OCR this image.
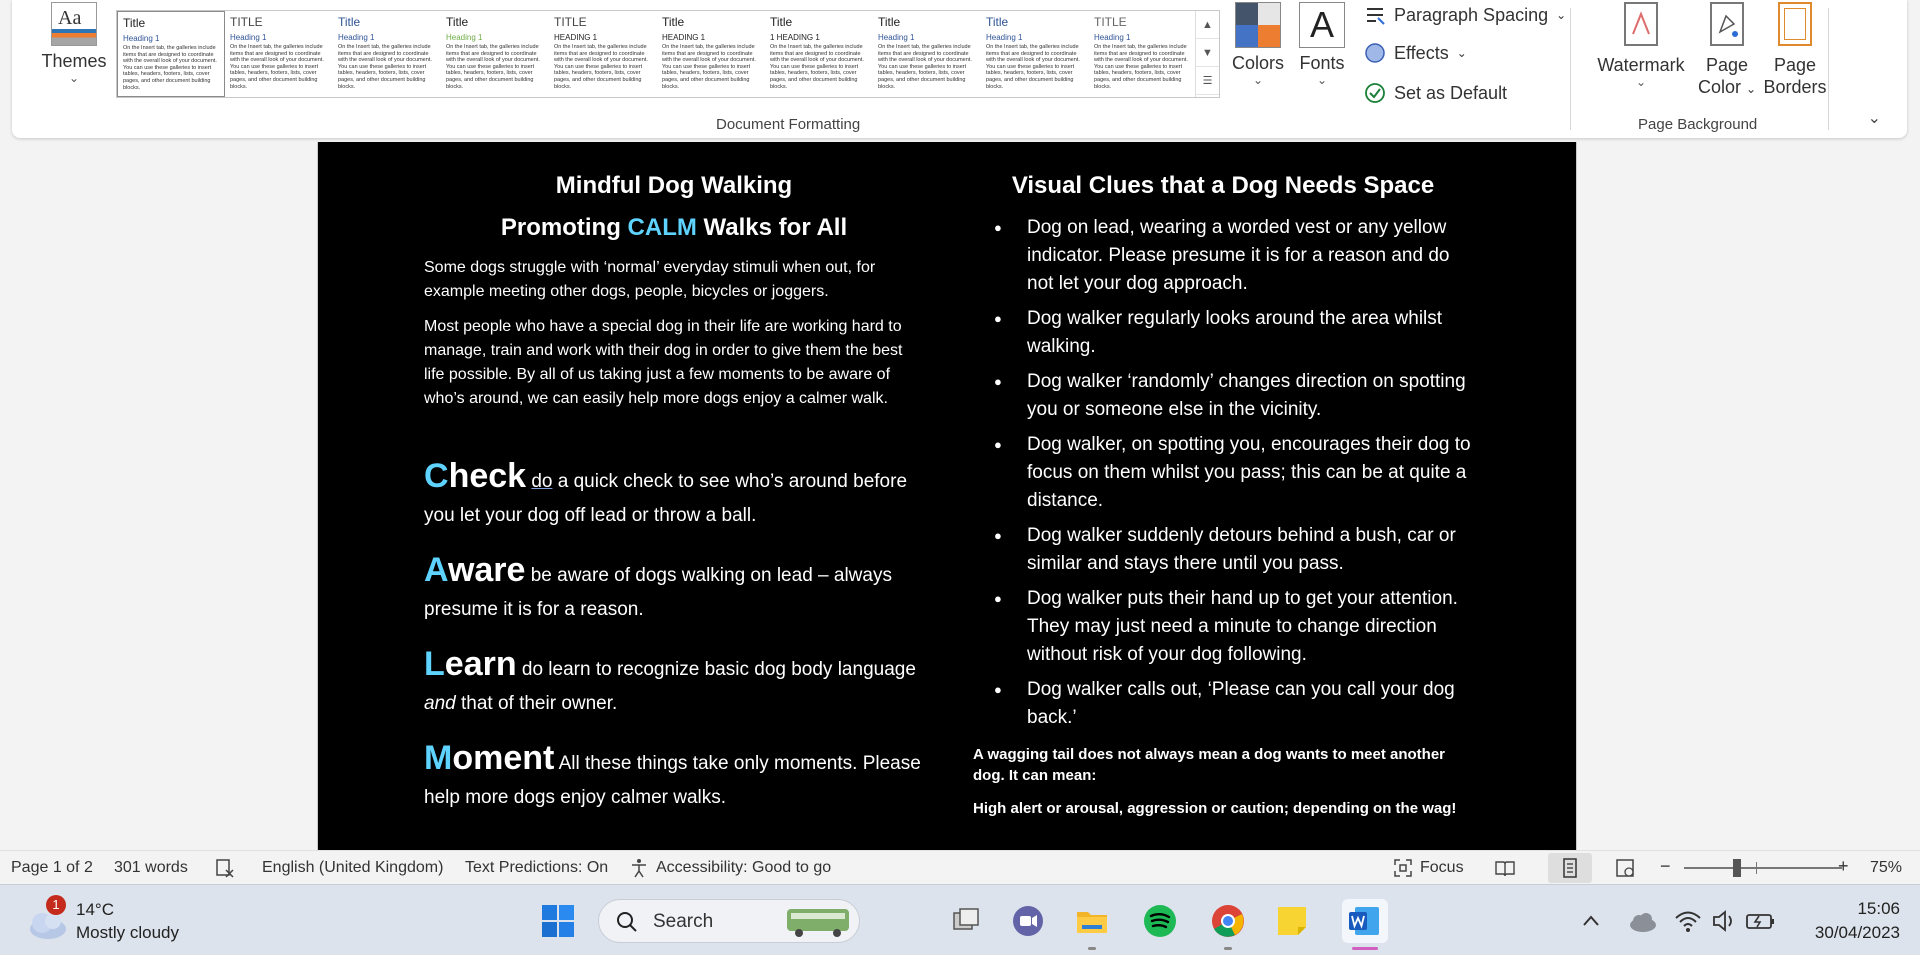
Aa
Themes
⌄
Title
Heading 1
On the Insert tab, the galleries include items that are designed to coordinate with the overall look of your document. You can use these galleries to insert tables, headers, footers, lists, cover pages, and other document building blocks.
TITLE
Heading 1
On the Insert tab, the galleries include items that are designed to coordinate with the overall look of your document. You can use these galleries to insert tables, headers, footers, lists, cover pages, and other document building blocks.
Title
Heading 1
On the Insert tab, the galleries include items that are designed to coordinate with the overall look of your document. You can use these galleries to insert tables, headers, footers, lists, cover pages, and other document building blocks.
Title
Heading 1
On the Insert tab, the galleries include items that are designed to coordinate with the overall look of your document. You can use these galleries to insert tables, headers, footers, lists, cover pages, and other document building blocks.
TITLE
HEADING 1
On the Insert tab, the galleries include items that are designed to coordinate with the overall look of your document. You can use these galleries to insert tables, headers, footers, lists, cover pages, and other document building blocks.
Title
HEADING 1
On the Insert tab, the galleries include items that are designed to coordinate with the overall look of your document. You can use these galleries to insert tables, headers, footers, lists, cover pages, and other document building blocks.
Title
1 HEADING 1
On the Insert tab, the galleries include items that are designed to coordinate with the overall look of your document. You can use these galleries to insert tables, headers, footers, lists, cover pages, and other document building blocks.
Title
Heading 1
On the Insert tab, the galleries include items that are designed to coordinate with the overall look of your document. You can use these galleries to insert tables, headers, footers, lists, cover pages, and other document building blocks.
Title
Heading 1
On the Insert tab, the galleries include items that are designed to coordinate with the overall look of your document. You can use these galleries to insert tables, headers, footers, lists, cover pages, and other document building blocks.
TITLE
Heading 1
On the Insert tab, the galleries include items that are designed to coordinate with the overall look of your document. You can use these galleries to insert tables, headers, footers, lists, cover pages, and other document building blocks.
▲
▼
☰
Colors
⌄
A
Fonts
⌄
Paragraph Spacing ⌄
Effects ⌄
Set as Default
Document Formatting
Watermark
⌄
Page
Color ⌄
Page
Borders
Page Background	⌄
Mindful Dog Walking
Promoting CALM Walks for All

Some dogs struggle with ‘normal’ everyday stimuli when out, for example meeting other dogs, people, bicycles or joggers.

Most people who have a special dog in their life are working hard to manage, train and work with their dog in order to give them the best life possible. By all of us taking just a few moments to be aware of who’s around, we can easily help more dogs enjoy a calmer walk.

Check do a quick check to see who’s around before you let your dog off lead or throw a ball.

Aware be aware of dogs walking on lead – always presume it is for a reason.

Learn do learn to recognize basic dog body language and that of their owner.

Moment All these things take only moments. Please help more dogs enjoy calmer walks.

Visual Clues that a Dog Needs Space
● Dog on lead, wearing a worded vest or any yellow indicator. Please presume it is for a reason and do not let your dog approach.
● Dog walker regularly looks around the area whilst walking.
● Dog walker ‘randomly’ changes direction on spotting you or someone else in the vicinity.
● Dog walker, on spotting you, encourages their dog to focus on them whilst you pass; this can be at quite a distance.
● Dog walker suddenly detours behind a bush, car or similar and stays there until you pass.
● Dog walker puts their hand up to get your attention. They may just need a minute to change direction without risk of your dog following.
● Dog walker calls out, ‘Please can you call your dog back.’

A wagging tail does not always mean a dog wants to meet another dog. It can mean:

High alert or arousal, aggression or caution; depending on the wag!

Page 1 of 2 301 words	English (United Kingdom) Text Predictions: On	Accessibility: Good to go	Focus	−	+ 75%
1 14°C
Mostly cloudy
Search
15:06
30/04/2023
